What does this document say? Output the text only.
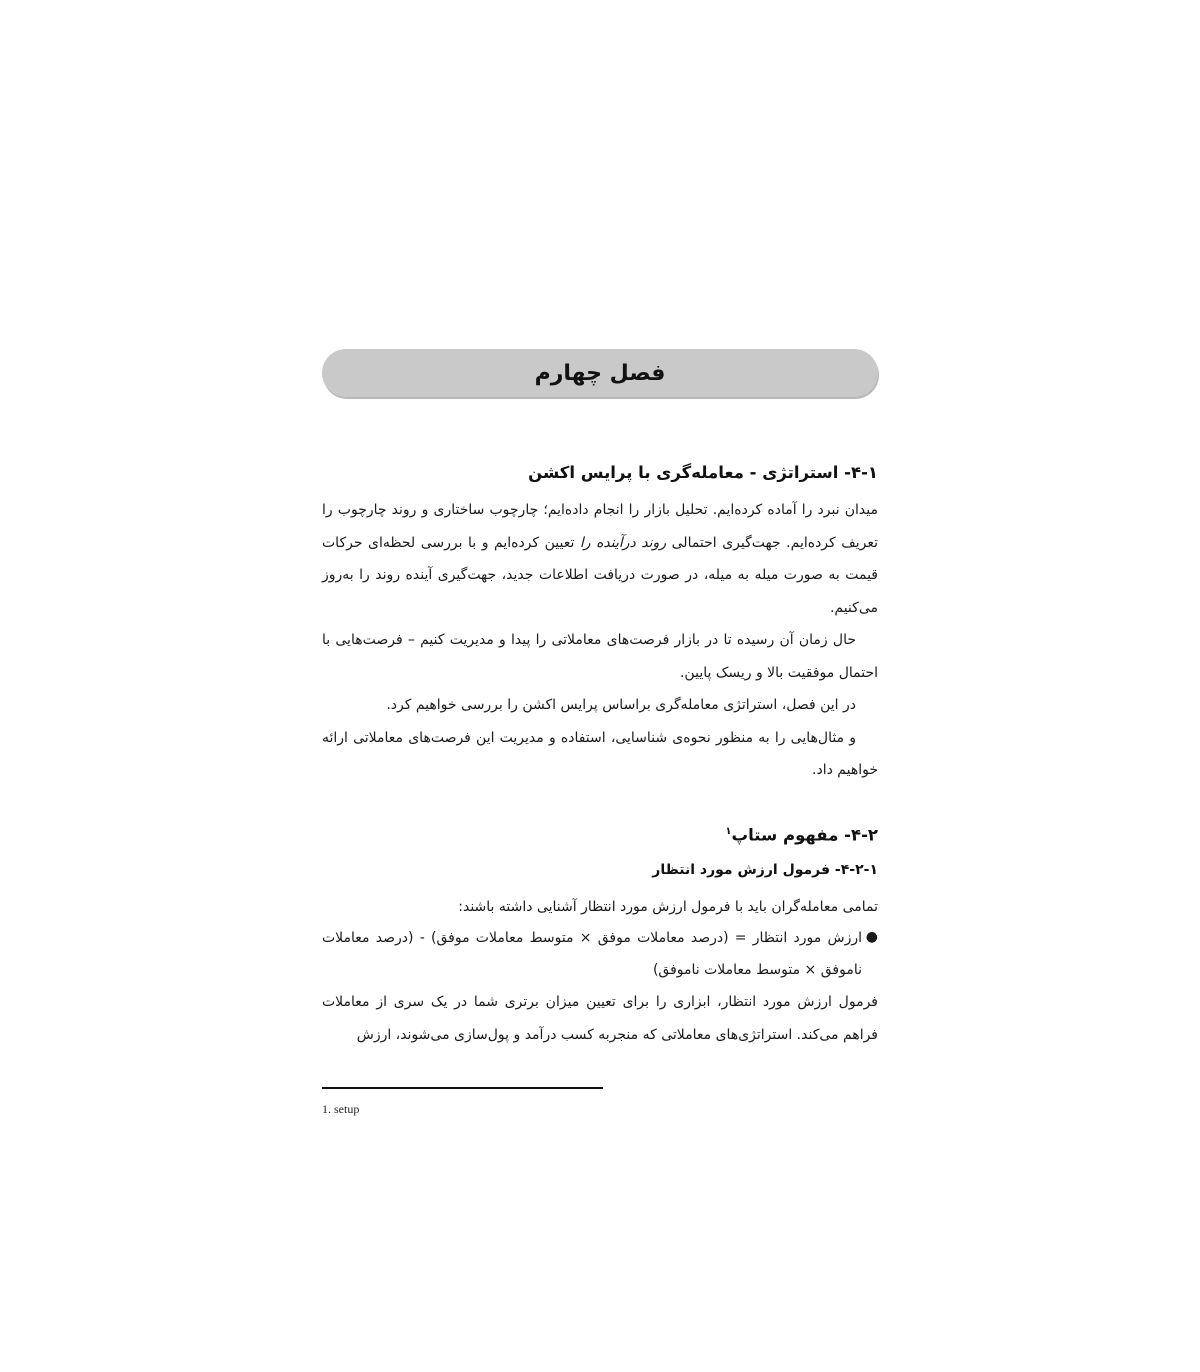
فصل چهارم
۴-۱- استراتژی - معامله‌گری با پرایس اکشن

میدان نبرد را آماده کرده‌ایم. تحلیل بازار را انجام داده‌ایم؛ چارچوب ساختاری و روند چارچوب را تعریف کرده‌ایم. جهت‌گیری احتمالی روند درآینده را تعیین کرده‌ایم و با بررسی لحظه‌ای حرکات قیمت به صورت میله به میله، در صورت دریافت اطلاعات جدید، جهت‌گیری آینده روند را به‌روز می‌کنیم.

حال زمان آن رسیده تا در بازار فرصت‌های معاملاتی را پیدا و مدیریت کنیم – فرصت‌هایی با احتمال موفقیت بالا و ریسک پایین.

در این فصل، استراتژی معامله‌گری براساس پرایس اکشن را بررسی خواهیم کرد.

و مثال‌هایی را به منظور نحوه‌ی شناسایی، استفاده و مدیریت این فرصت‌های معاملاتی ارائه خواهیم داد.

۴-۲- مفهوم ستاپ$^۱$
۴-۲-۱- فرمول ارزش مورد انتظار

تمامی معامله‌گران باید با فرمول ارزش مورد انتظار آشنایی داشته باشند:

●
ارزش مورد انتظار = (درصد معاملات موفق × متوسط معاملات موفق) - (درصد معاملات ناموفق × متوسط معاملات ناموفق)

فرمول ارزش مورد انتظار، ابزاری را برای تعیین میزان برتری شما در یک سری از معاملات فراهم می‌کند. استراتژی‌های معاملاتی که منجربه کسب درآمد و پول‌سازی می‌شوند، ارزش

1. setup
